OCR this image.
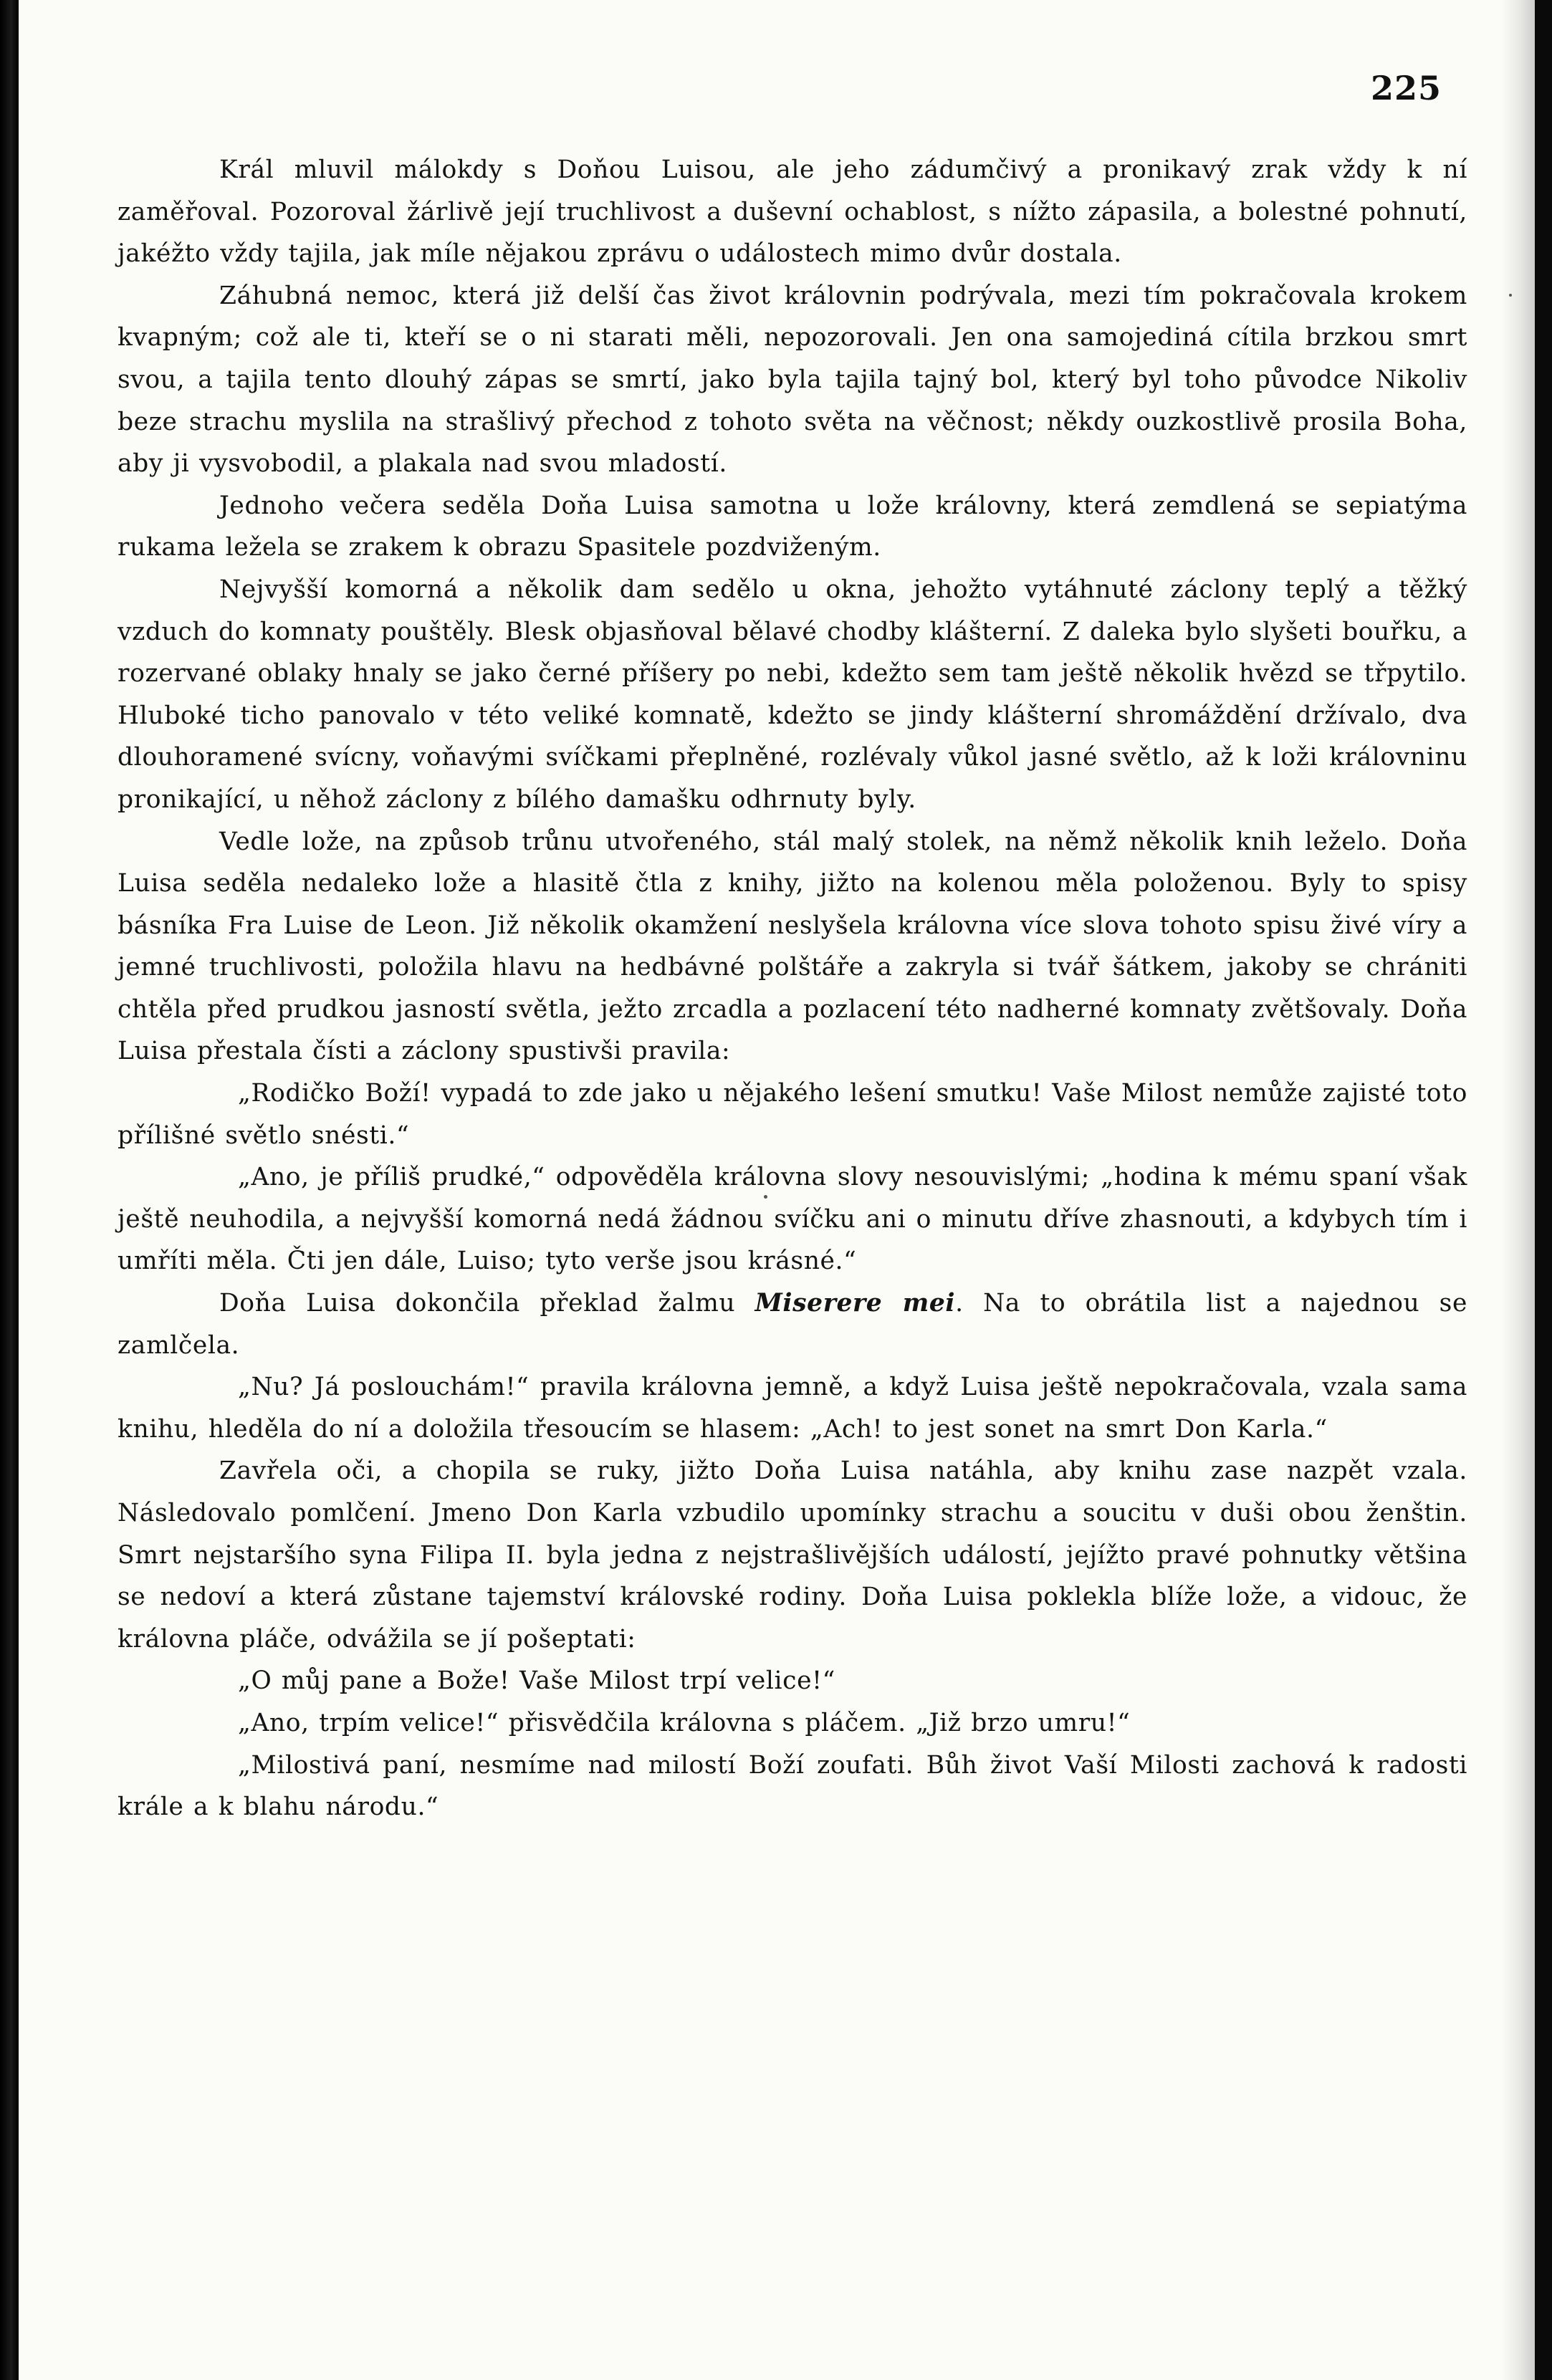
225

Král mluvil málokdy s Doňou Luisou, ale jeho zádumčivý a pronikavý zrak vždy k ní zaměřoval. Pozoroval žárlivě její truchlivost a duševní ochablost, s nížto zápasila, a bolestné pohnutí, jakéžto vždy tajila, jak míle nějakou zprávu o událostech mimo dvůr dostala.

Záhubná nemoc, která již delší čas život královnin podrývala, mezi tím pokračovala krokem kvapným; což ale ti, kteří se o ni starati měli, nepozorovali. Jen ona samojediná cítila brzkou smrt svou, a tajila tento dlouhý zápas se smrtí, jako byla tajila tajný bol, který byl toho původce Nikoliv beze strachu myslila na strašlivý přechod z tohoto světa na věčnost; někdy ouzkostlivě prosila Boha, aby ji vysvobodil, a plakala nad svou mladostí.

Jednoho večera seděla Doňa Luisa samotna u lože královny, která zemdlená se sepiatýma rukama ležela se zrakem k obrazu Spasitele pozdviženým.

Nejvyšší komorná a několik dam sedělo u okna, jehožto vytáhnuté záclony teplý a těžký vzduch do komnaty pouštěly. Blesk objasňoval bělavé chodby klášterní. Z daleka bylo slyšeti bouřku, a rozervané oblaky hnaly se jako černé příšery po nebi, kdežto sem tam ještě několik hvězd se třpytilo. Hluboké ticho panovalo v této veliké komnatě, kdežto se jindy klášterní shromáždění držívalo, dva dlouhoramené svícny, voňavými svíčkami přeplněné, rozlévaly vůkol jasné světlo, až k loži královninu pronikající, u něhož záclony z bílého damašku odhrnuty byly.

Vedle lože, na způsob trůnu utvořeného, stál malý stolek, na němž několik knih leželo. Doňa Luisa seděla nedaleko lože a hlasitě čtla z knihy, jižto na kolenou měla položenou. Byly to spisy básníka Fra Luise de Leon. Již několik okamžení neslyšela královna více slova tohoto spisu živé víry a jemné truchlivosti, položila hlavu na hedbávné polštáře a zakryla si tvář šátkem, jakoby se chrániti chtěla před prudkou jasností světla, ježto zrcadla a pozlacení této nadherné komnaty zvětšovaly. Doňa Luisa přestala čísti a záclony spustivši pravila:

„Rodičko Boží! vypadá to zde jako u nějakého lešení smutku! Vaše Milost nemůže zajisté toto přílišné světlo snésti.“

„Ano, je příliš prudké,“ odpověděla královna slovy nesouvislými; „hodina k mému spaní však ještě neuhodila, a nejvyšší komorná nedá žádnou svíčku ani o minutu dříve zhasnouti, a kdybych tím i umříti měla. Čti jen dále, Luiso; tyto verše jsou krásné.“

Doňa Luisa dokončila překlad žalmu Miserere mei. Na to obrátila list a najednou se zamlčela.

„Nu? Já poslouchám!“ pravila královna jemně, a když Luisa ještě nepokračovala, vzala sama knihu, hleděla do ní a doložila třesoucím se hlasem: „Ach! to jest sonet na smrt Don Karla.“

Zavřela oči, a chopila se ruky, jižto Doňa Luisa natáhla, aby knihu zase nazpět vzala. Následovalo pomlčení. Jmeno Don Karla vzbudilo upomínky strachu a soucitu v duši obou ženštin. Smrt nejstaršího syna Filipa II. byla jedna z nejstrašlivějších událostí, jejížto pravé pohnutky většina se nedoví a která zůstane tajemství královské rodiny. Doňa Luisa poklekla blíže lože, a vidouc, že královna pláče, odvážila se jí pošeptati:

„O můj pane a Bože! Vaše Milost trpí velice!“

„Ano, trpím velice!“ přisvědčila královna s pláčem. „Již brzo umru!“

„Milostivá paní, nesmíme nad milostí Boží zoufati. Bůh život Vaší Milosti zachová k radosti krále a k blahu národu.“
